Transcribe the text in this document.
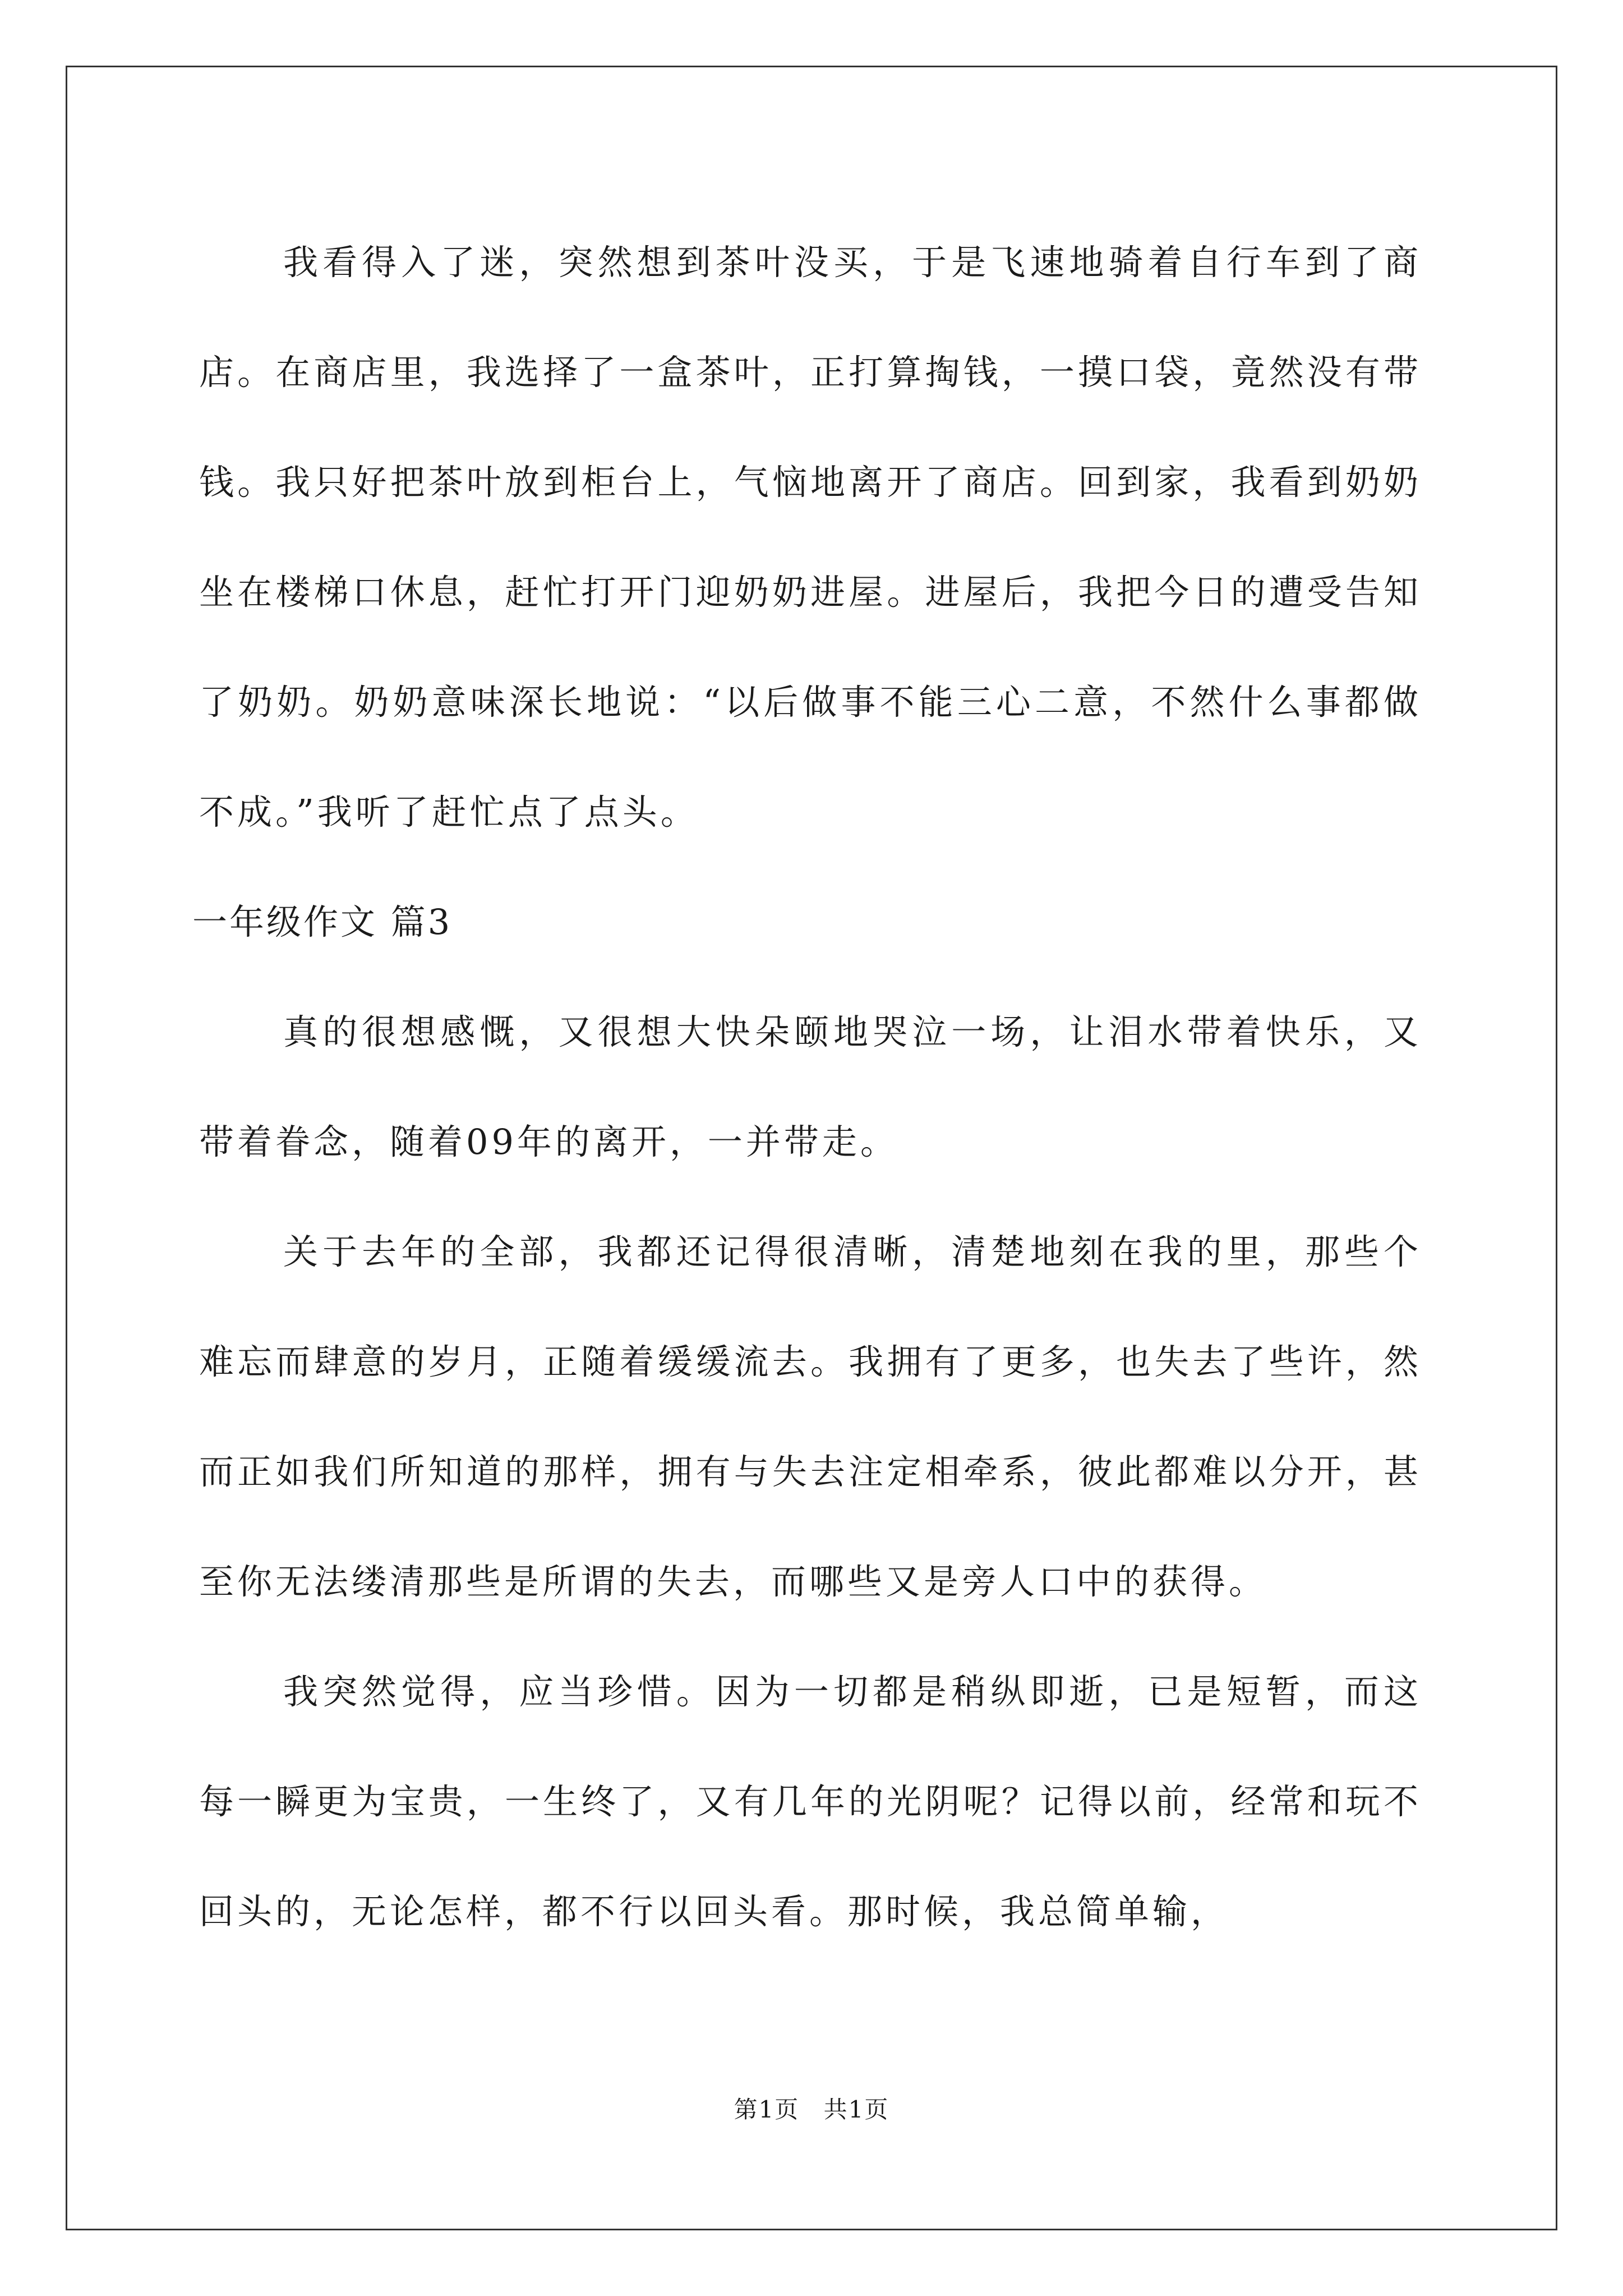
我看得入了迷，突然想到茶叶没买，于是飞速地骑着自行车到了商店。在商店里，我选择了一盒茶叶，正打算掏钱，一摸口袋，竟然没有带钱。我只好把茶叶放到柜台上，气恼地离开了商店。回到家，我看到奶奶坐在楼梯口休息，赶忙打开门迎奶奶进屋。进屋后，我把今日的遭受告知了奶奶。奶奶意味深长地说：“以后做事不能三心二意，不然什么事都做不成。”我听了赶忙点了点头。

一年级作文 篇3

真的很想感慨，又很想大快朵颐地哭泣一场，让泪水带着快乐，又带着眷念，随着09年的离开，一并带走。

关于去年的全部，我都还记得很清晰，清楚地刻在我的里，那些个难忘而肆意的岁月，正随着缓缓流去。我拥有了更多，也失去了些许，然而正如我们所知道的那样，拥有与失去注定相牵系，彼此都难以分开，甚至你无法缕清那些是所谓的失去，而哪些又是旁人口中的获得。

我突然觉得，应当珍惜。因为一切都是稍纵即逝，已是短暂，而这每一瞬更为宝贵，一生终了，又有几年的光阴呢？记得以前，经常和玩不回头的，无论怎样，都不行以回头看。那时候，我总简单输，

第1页 共1页
